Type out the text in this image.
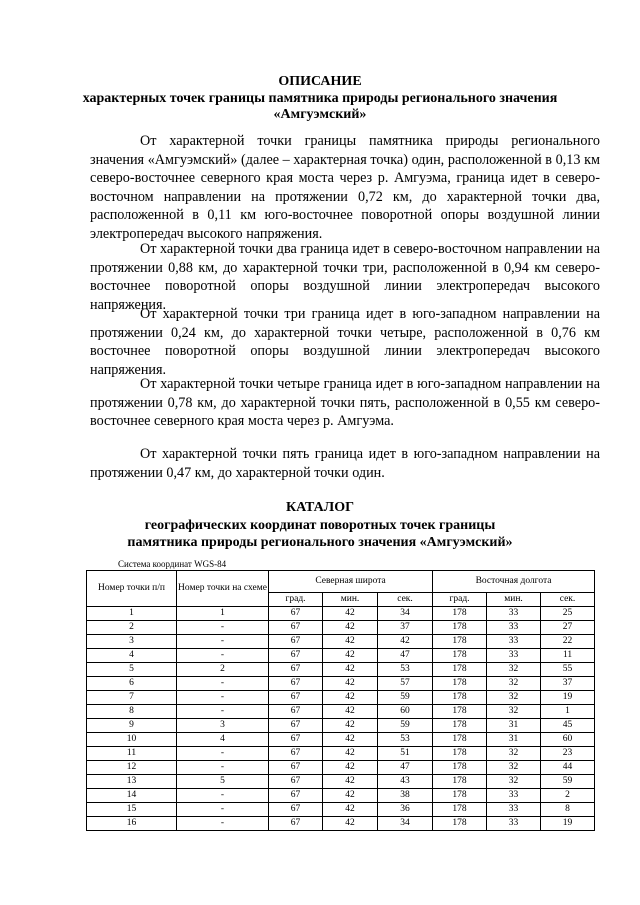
ОПИСАНИЕ
характерных точек границы памятника природы регионального значения
«Амгуэмский»

От характерной точки границы памятника природы регионального значения «Амгуэмский» (далее – характерная точка) один, расположенной в 0,13 км северо-восточнее северного края моста через р. Амгуэма, граница идет в северо-восточном направлении на протяжении 0,72 км, до характерной точки два, расположенной в 0,11 км юго-восточнее поворотной опоры воздушной линии электропередач высокого напряжения.

От характерной точки два граница идет в северо-восточном направлении на протяжении 0,88 км, до характерной точки три, расположенной в 0,94 км северо-восточнее поворотной опоры воздушной линии электропередач высокого напряжения.

От характерной точки три граница идет в юго-западном направлении на протяжении 0,24 км, до характерной точки четыре, расположенной в 0,76 км восточнее поворотной опоры воздушной линии электропередач высокого напряжения.

От характерной точки четыре граница идет в юго-западном направлении на протяжении 0,78 км, до характерной точки пять, расположенной в 0,55 км северо-восточнее северного края моста через р. Амгуэма.

От характерной точки пять граница идет в юго-западном направлении на протяжении 0,47 км, до характерной точки один.

КАТАЛОГ
географических координат поворотных точек границы
памятника природы регионального значения «Амгуэмский»
Система координат WGS-84
Номер точки п/п	Номер точки на схеме	Северная широта			Восточная долгота		
		град.	мин.	сек.	град.	мин.	сек.
1	1	67	42	34	178	33	25
2	-	67	42	37	178	33	27
3	-	67	42	42	178	33	22
4	-	67	42	47	178	33	11
5	2	67	42	53	178	32	55
6	-	67	42	57	178	32	37
7	-	67	42	59	178	32	19
8	-	67	42	60	178	32	1
9	3	67	42	59	178	31	45
10	4	67	42	53	178	31	60
11	-	67	42	51	178	32	23
12	-	67	42	47	178	32	44
13	5	67	42	43	178	32	59
14	-	67	42	38	178	33	2
15	-	67	42	36	178	33	8
16	-	67	42	34	178	33	19
